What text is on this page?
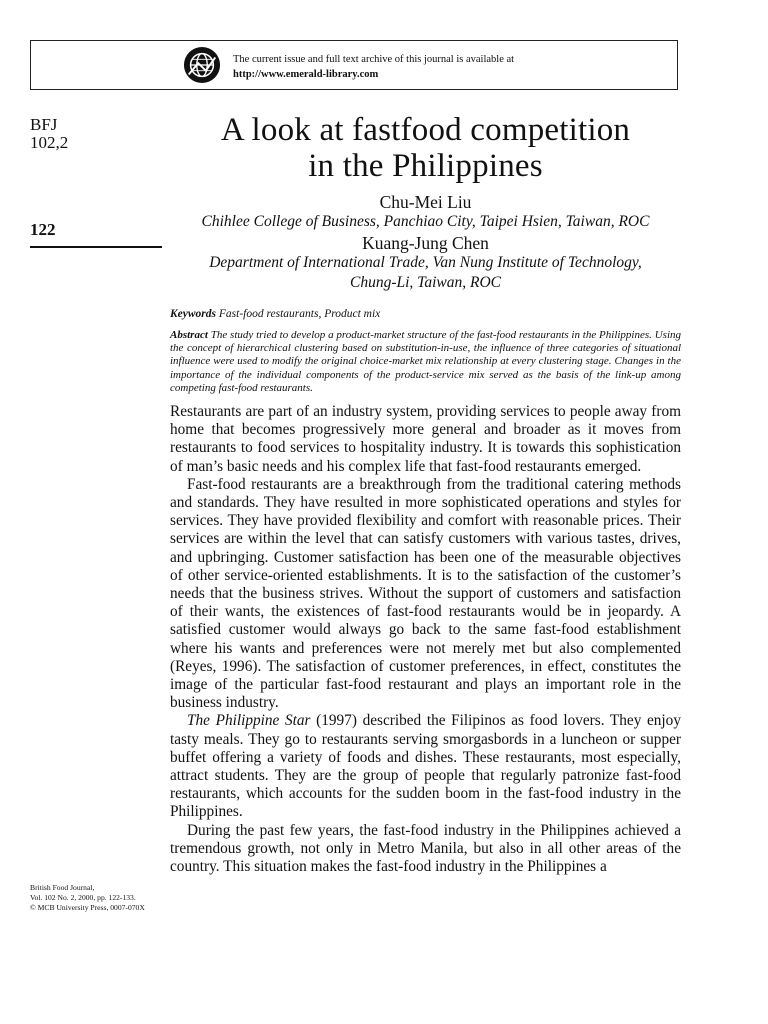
The current issue and full text archive of this journal is available at
http://www.emerald-library.com
BFJ
102,2
122
British Food Journal,
Vol. 102 No. 2, 2000, pp. 122-133.
© MCB University Press, 0007-070X
A look at fastfood competition
in the Philippines
Chu-Mei Liu
Chihlee College of Business, Panchiao City, Taipei Hsien, Taiwan, ROC
Kuang-Jung Chen
Department of International Trade, Van Nung Institute of Technology,
Chung-Li, Taiwan, ROC
Keywords Fast-food restaurants, Product mix
Abstract The study tried to develop a product-market structure of the fast-food restaurants in the Philippines. Using the concept of hierarchical clustering based on substitution-in-use, the influence of three categories of situational influence were used to modify the original choice-market mix relationship at every clustering stage. Changes in the importance of the individual components of the product-service mix served as the basis of the link-up among competing fast-food restaurants.

Restaurants are part of an industry system, providing services to people away from home that becomes progressively more general and broader as it moves from restaurants to food services to hospitality industry. It is towards this sophistication of man’s basic needs and his complex life that fast-food restaurants emerged.

Fast-food restaurants are a breakthrough from the traditional catering methods and standards. They have resulted in more sophisticated operations and styles for services. They have provided flexibility and comfort with reasonable prices. Their services are within the level that can satisfy customers with various tastes, drives, and upbringing. Customer satisfaction has been one of the measurable objectives of other service-oriented establishments. It is to the satisfaction of the customer’s needs that the business strives. Without the support of customers and satisfaction of their wants, the existences of fast-food restaurants would be in jeopardy. A satisfied customer would always go back to the same fast-food establishment where his wants and preferences were not merely met but also complemented (Reyes, 1996). The satisfaction of customer preferences, in effect, constitutes the image of the particular fast-food restaurant and plays an important role in the business industry.

The Philippine Star (1997) described the Filipinos as food lovers. They enjoy tasty meals. They go to restaurants serving smorgasbords in a luncheon or supper buffet offering a variety of foods and dishes. These restaurants, most especially, attract students. They are the group of people that regularly patronize fast-food restaurants, which accounts for the sudden boom in the fast-food industry in the Philippines.

During the past few years, the fast-food industry in the Philippines achieved a tremendous growth, not only in Metro Manila, but also in all other areas of the country. This situation makes the fast-food industry in the Philippines a
